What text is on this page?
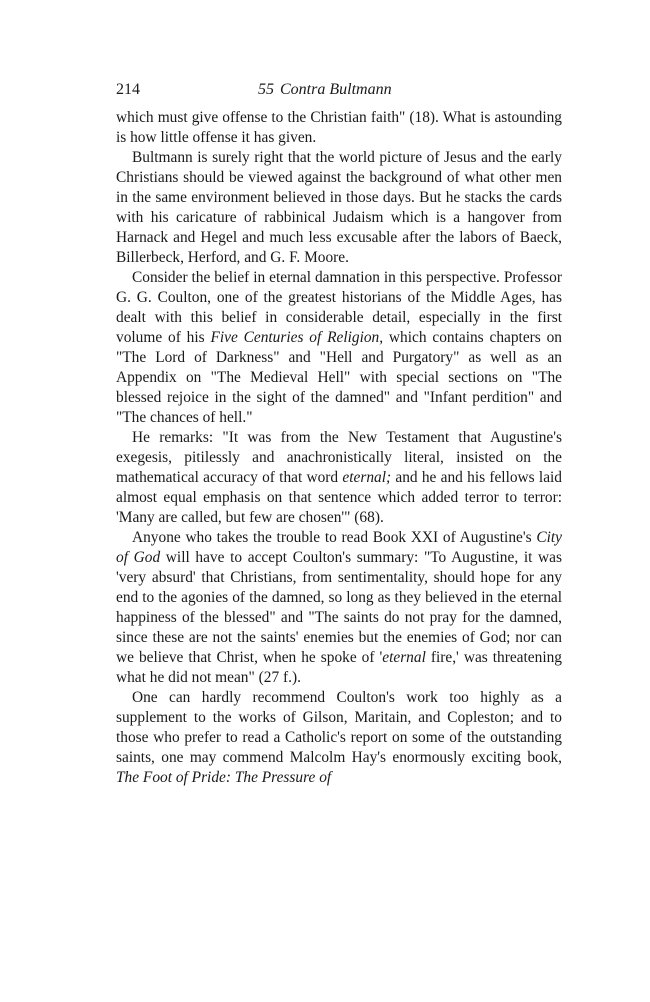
214	55 Contra Bultmann

which must give offense to the Christian faith" (18). What is astounding is how little offense it has given.

Bultmann is surely right that the world picture of Jesus and the early Christians should be viewed against the background of what other men in the same environment believed in those days. But he stacks the cards with his caricature of rabbinical Judaism which is a hangover from Harnack and Hegel and much less excusable after the labors of Baeck, Billerbeck, Herford, and G. F. Moore.

Consider the belief in eternal damnation in this perspective. Professor G. G. Coulton, one of the greatest historians of the Middle Ages, has dealt with this belief in considerable detail, especially in the first volume of his Five Centuries of Religion, which contains chapters on "The Lord of Darkness" and "Hell and Purgatory" as well as an Appendix on "The Medieval Hell" with special sections on "The blessed rejoice in the sight of the damned" and "Infant perdition" and "The chances of hell."

He remarks: "It was from the New Testament that Augustine's exegesis, pitilessly and anachronistically literal, insisted on the mathematical accuracy of that word eternal; and he and his fellows laid almost equal emphasis on that sentence which added terror to terror: 'Many are called, but few are chosen'" (68).

Anyone who takes the trouble to read Book XXI of Augustine's City of God will have to accept Coulton's summary: "To Augustine, it was 'very absurd' that Christians, from sentimentality, should hope for any end to the agonies of the damned, so long as they believed in the eternal happiness of the blessed" and "The saints do not pray for the damned, since these are not the saints' enemies but the enemies of God; nor can we believe that Christ, when he spoke of 'eternal fire,' was threatening what he did not mean" (27 f.).

One can hardly recommend Coulton's work too highly as a supplement to the works of Gilson, Maritain, and Copleston; and to those who prefer to read a Catholic's report on some of the outstanding saints, one may commend Malcolm Hay's enormously exciting book, The Foot of Pride: The Pressure of
